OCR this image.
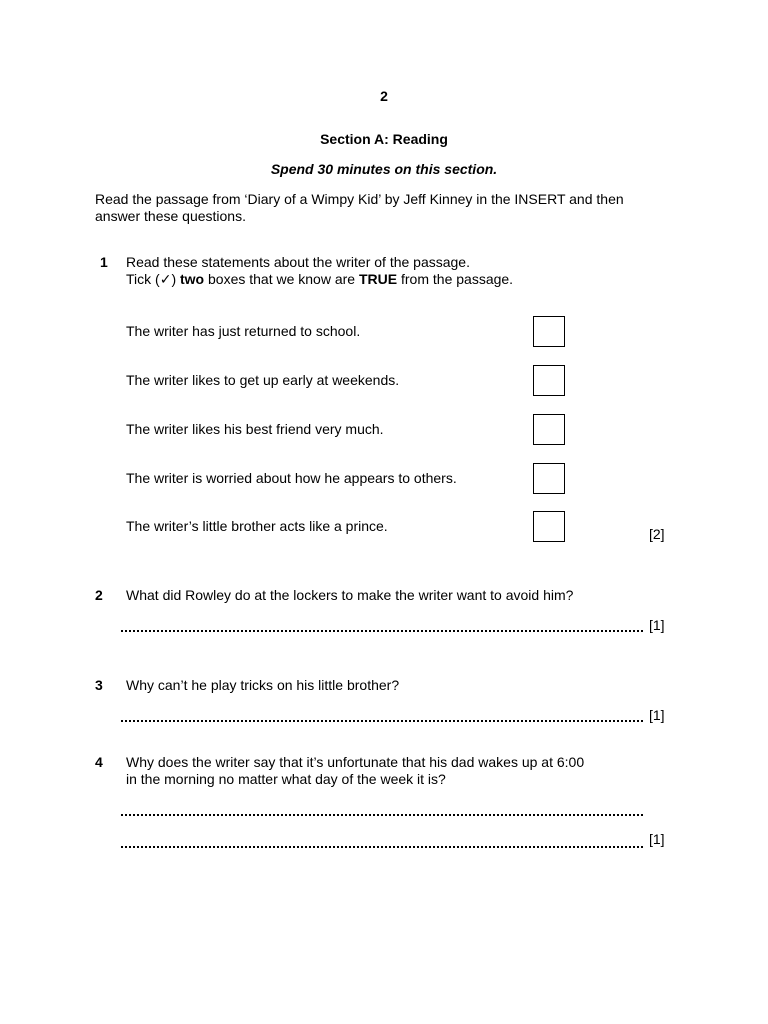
2
Section A: Reading
Spend 30 minutes on this section.
Read the passage from ‘Diary of a Wimpy Kid’ by Jeff Kinney in the INSERT and then answer these questions.
1 Read these statements about the writer of the passage.
Tick (✓) two boxes that we know are TRUE from the passage.
The writer has just returned to school.
The writer likes to get up early at weekends.
The writer likes his best friend very much.
The writer is worried about how he appears to others.
The writer’s little brother acts like a prince.	[2]
2 What did Rowley do at the lockers to make the writer want to avoid him?
[1]
3 Why can’t he play tricks on his little brother?
[1]
4 Why does the writer say that it’s unfortunate that his dad wakes up at 6:00
in the morning no matter what day of the week it is?
[1]
